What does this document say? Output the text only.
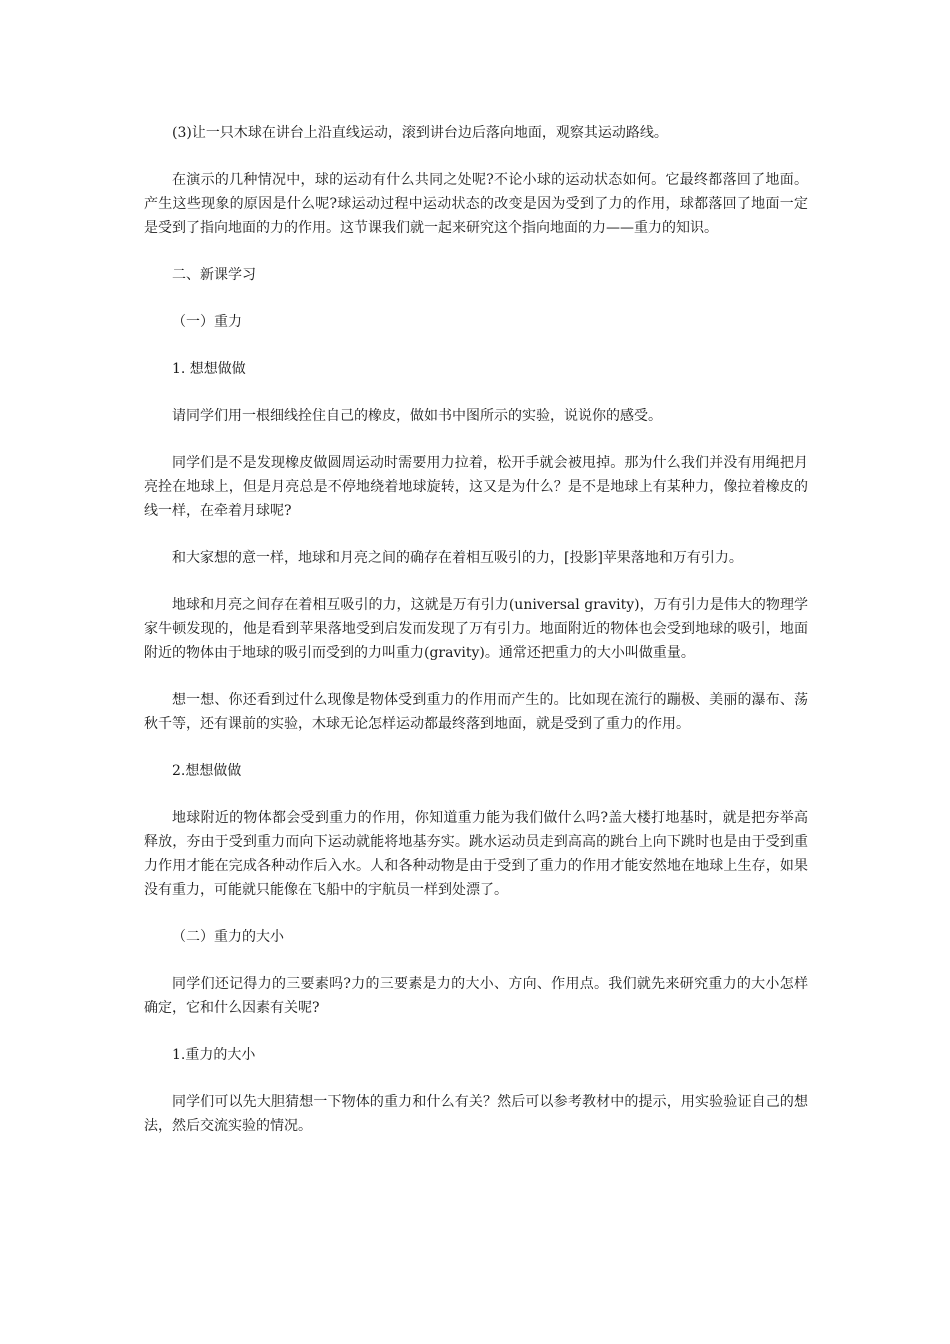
(3)让一只木球在讲台上沿直线运动，滚到讲台边后落向地面，观察其运动路线。

在演示的几种情况中，球的运动有什么共同之处呢?不论小球的运动状态如何。它最终都落回了地面。产生这些现象的原因是什么呢?球运动过程中运动状态的改变是因为受到了力的作用，球都落回了地面一定是受到了指向地面的力的作用。这节课我们就一起来研究这个指向地面的力——重力的知识。

二、新课学习

（一）重力

1. 想想做做

请同学们用一根细线拴住自己的橡皮，做如书中图所示的实验，说说你的感受。

同学们是不是发现橡皮做圆周运动时需要用力拉着，松开手就会被甩掉。那为什么我们并没有用绳把月亮拴在地球上，但是月亮总是不停地绕着地球旋转，这又是为什么？是不是地球上有某种力，像拉着橡皮的线一样，在牵着月球呢?

和大家想的意一样，地球和月亮之间的确存在着相互吸引的力，[投影]苹果落地和万有引力。

地球和月亮之间存在着相互吸引的力，这就是万有引力(universal gravity)，万有引力是伟大的物理学家牛顿发现的，他是看到苹果落地受到启发而发现了万有引力。地面附近的物体也会受到地球的吸引，地面附近的物体由于地球的吸引而受到的力叫重力(gravity)。通常还把重力的大小叫做重量。

想一想、你还看到过什么现像是物体受到重力的作用而产生的。比如现在流行的蹦极、美丽的瀑布、荡秋千等，还有课前的实验，木球无论怎样运动都最终落到地面，就是受到了重力的作用。

2.想想做做

地球附近的物体都会受到重力的作用，你知道重力能为我们做什么吗?盖大楼打地基时，就是把夯举高释放，夯由于受到重力而向下运动就能将地基夯实。跳水运动员走到高高的跳台上向下跳时也是由于受到重力作用才能在完成各种动作后入水。人和各种动物是由于受到了重力的作用才能安然地在地球上生存，如果没有重力，可能就只能像在飞船中的宇航员一样到处漂了。

（二）重力的大小

同学们还记得力的三要素吗?力的三要素是力的大小、方向、作用点。我们就先来研究重力的大小怎样确定，它和什么因素有关呢?

1.重力的大小

同学们可以先大胆猜想一下物体的重力和什么有关？然后可以参考教材中的提示，用实验验证自己的想法，然后交流实验的情况。
